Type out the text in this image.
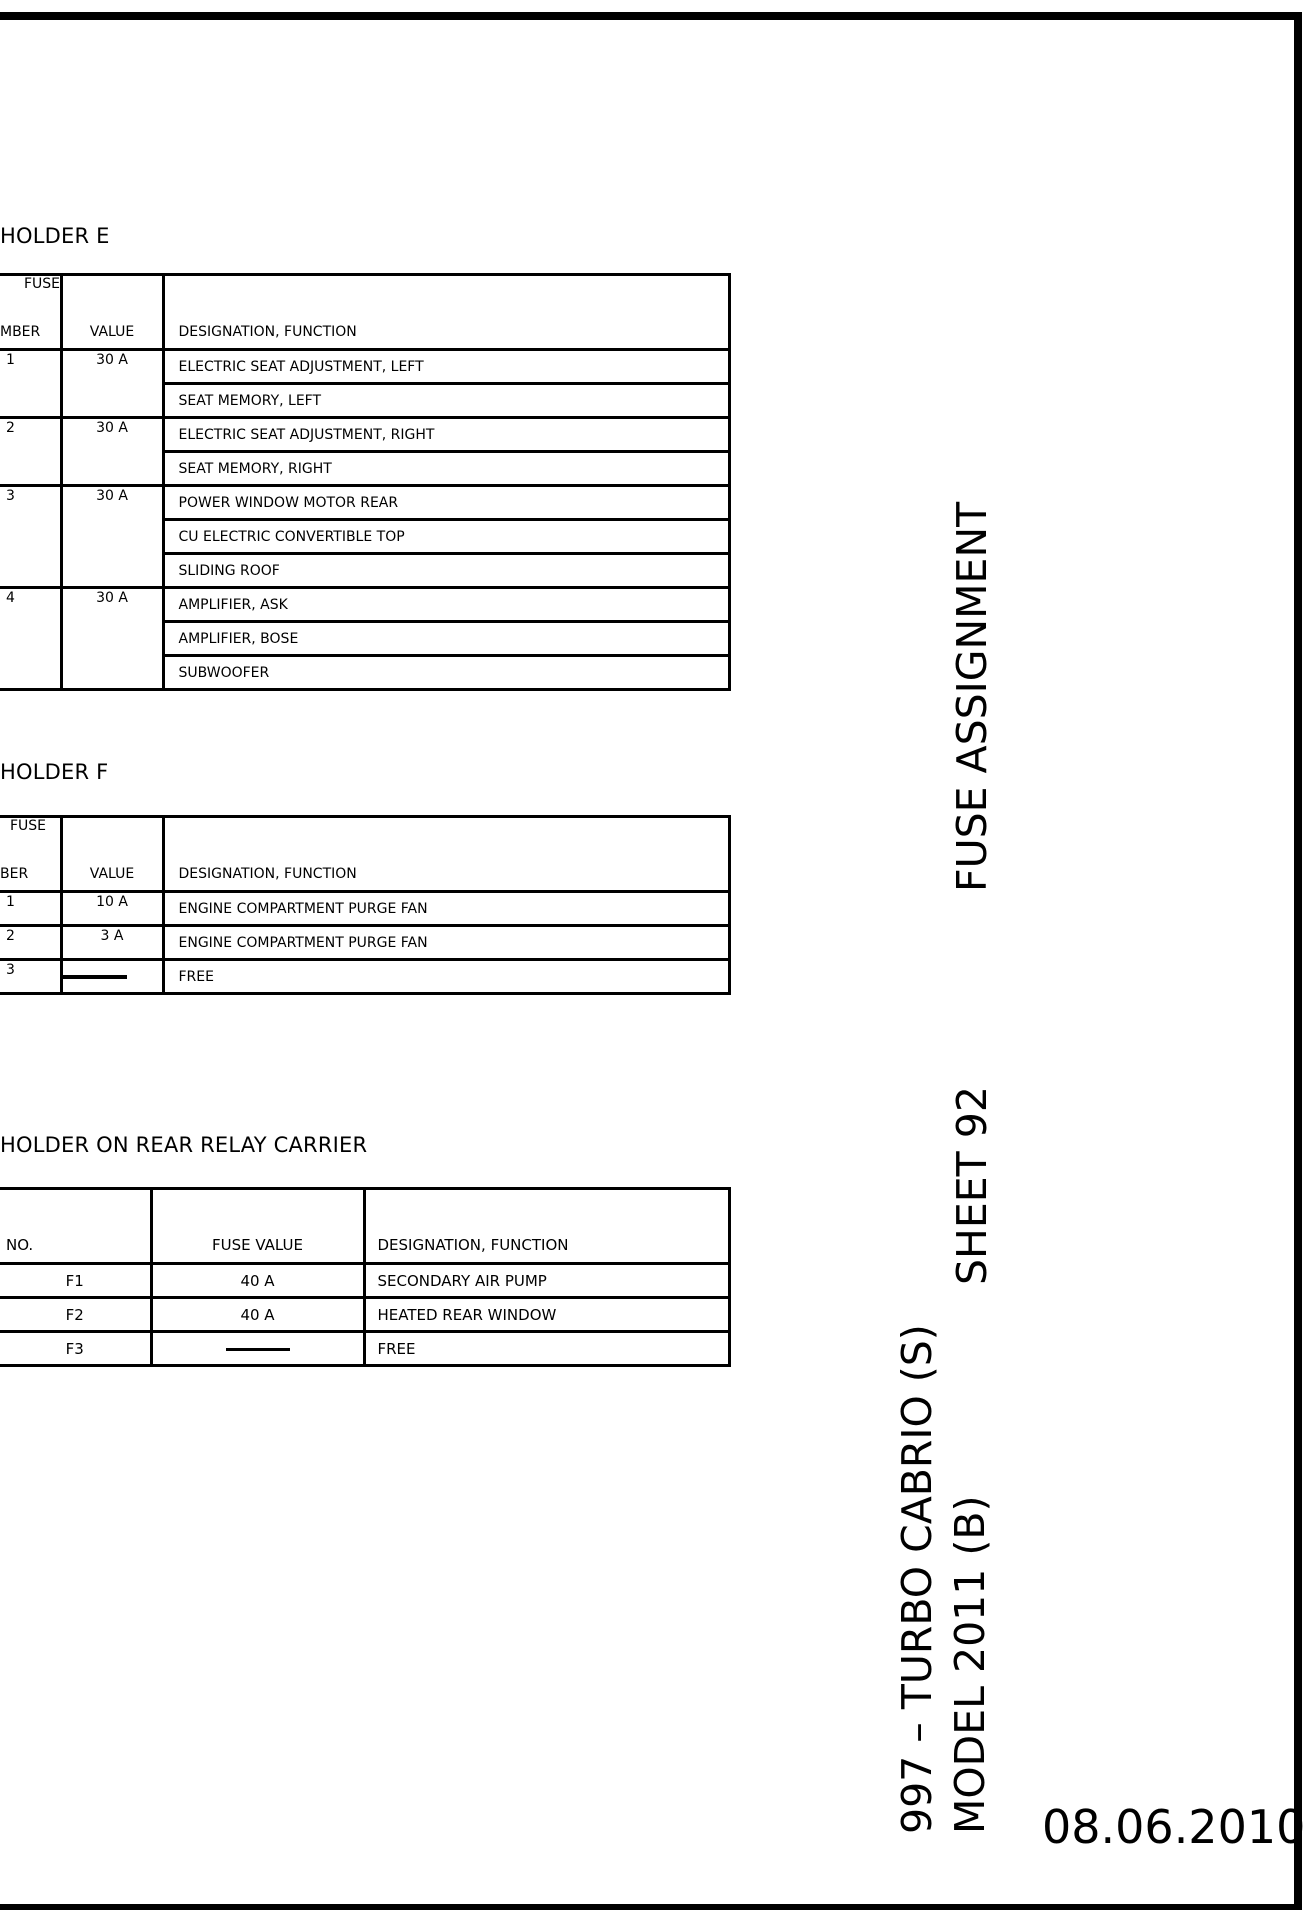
HOLDER E
FUSE
MBER	VALUE	DESIGNATION, FUNCTION

1	30 A	ELECTRIC SEAT ADJUSTMENT, LEFT
		SEAT MEMORY, LEFT

2	30 A	ELECTRIC SEAT ADJUSTMENT, RIGHT
		SEAT MEMORY, RIGHT

3	30 A	POWER WINDOW MOTOR REAR
		CU ELECTRIC CONVERTIBLE TOP
		SLIDING ROOF

4	30 A	AMPLIFIER, ASK
		AMPLIFIER, BOSE
		SUBWOOFER
HOLDER F
FUSE
BER	VALUE	DESIGNATION, FUNCTION

1	10 A	ENGINE COMPARTMENT PURGE FAN

2	3 A	ENGINE COMPARTMENT PURGE FAN

3		FREE
HOLDER ON REAR RELAY CARRIER
NO.	FUSE VALUE	DESIGNATION, FUNCTION
F1	40 A	SECONDARY AIR PUMP
F2	40 A	HEATED REAR WINDOW
F3		FREE
FUSE ASSIGNMENT
SHEET 92
997 – TURBO CABRIO (S) MODEL 2011 (B) 08.06.2010
